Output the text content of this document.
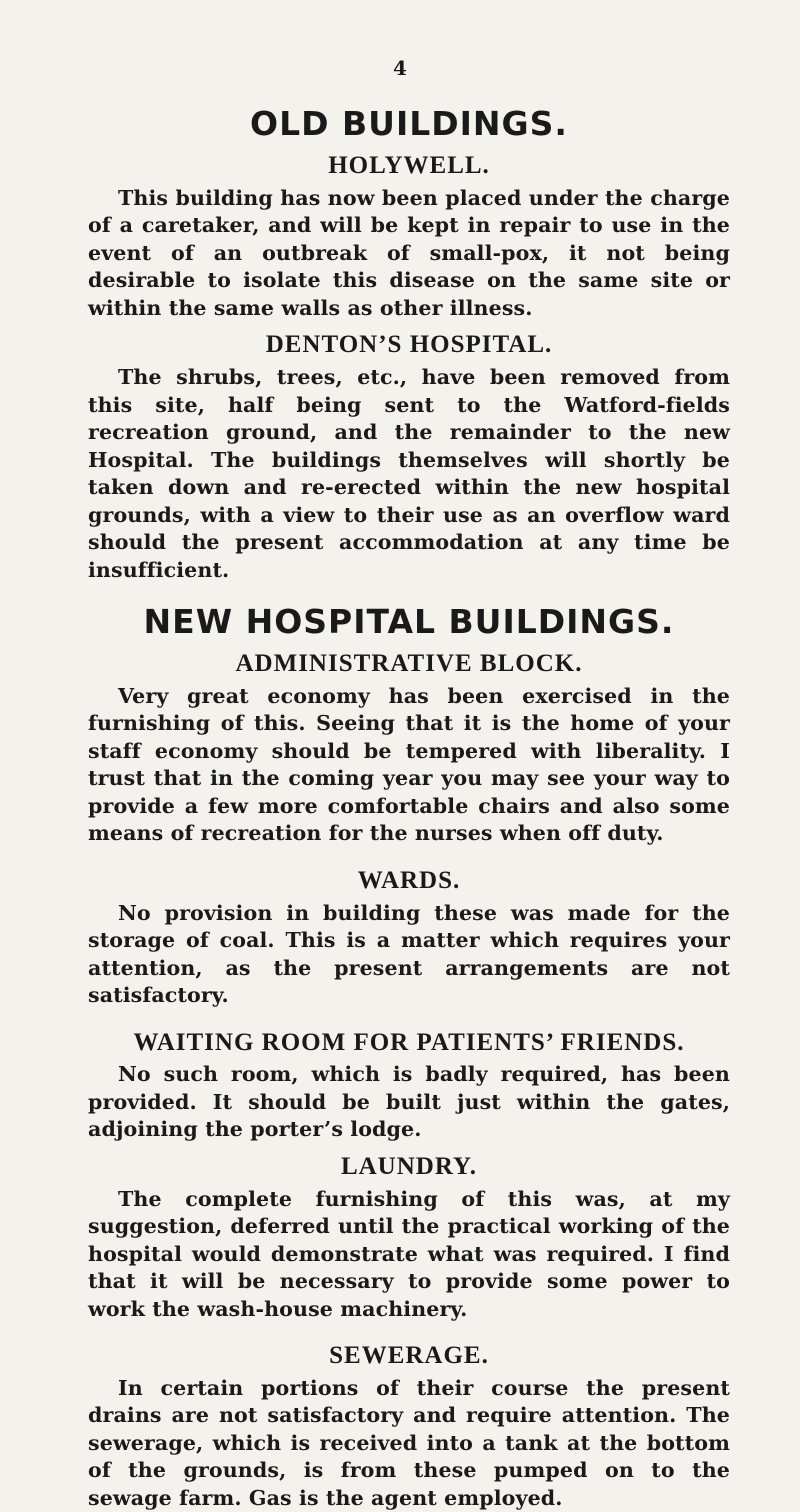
4
OLD BUILDINGS.
HOLYWELL.

This building has now been placed under the charge of a caretaker, and will be kept in repair to use in the event of an outbreak of small-pox, it not being desirable to isolate this disease on the same site or within the same walls as other illness.

DENTON’S HOSPITAL.

The shrubs, trees, etc., have been removed from this site, half being sent to the Watford-fields recreation ground, and the remainder to the new Hospital. The buildings themselves will shortly be taken down and re-erected within the new hospital grounds, with a view to their use as an overflow ward should the present accommodation at any time be insufficient.

NEW HOSPITAL BUILDINGS.
ADMINISTRATIVE BLOCK.

Very great economy has been exercised in the furnishing of this. Seeing that it is the home of your staff economy should be tempered with liberality. I trust that in the coming year you may see your way to provide a few more comfortable chairs and also some means of recreation for the nurses when off duty.

WARDS.

No provision in building these was made for the storage of coal. This is a matter which requires your attention, as the present arrangements are not satisfactory.

WAITING ROOM FOR PATIENTS’ FRIENDS.

No such room, which is badly required, has been provided. It should be built just within the gates, adjoining the porter’s lodge.

LAUNDRY.

The complete furnishing of this was, at my suggestion, deferred until the practical working of the hospital would demonstrate what was required. I find that it will be necessary to provide some power to work the wash-house machinery.

SEWERAGE.

In certain portions of their course the present drains are not satisfactory and require attention. The sewerage, which is received into a tank at the bottom of the grounds, is from these pumped on to the sewage farm. Gas is the agent employed.
